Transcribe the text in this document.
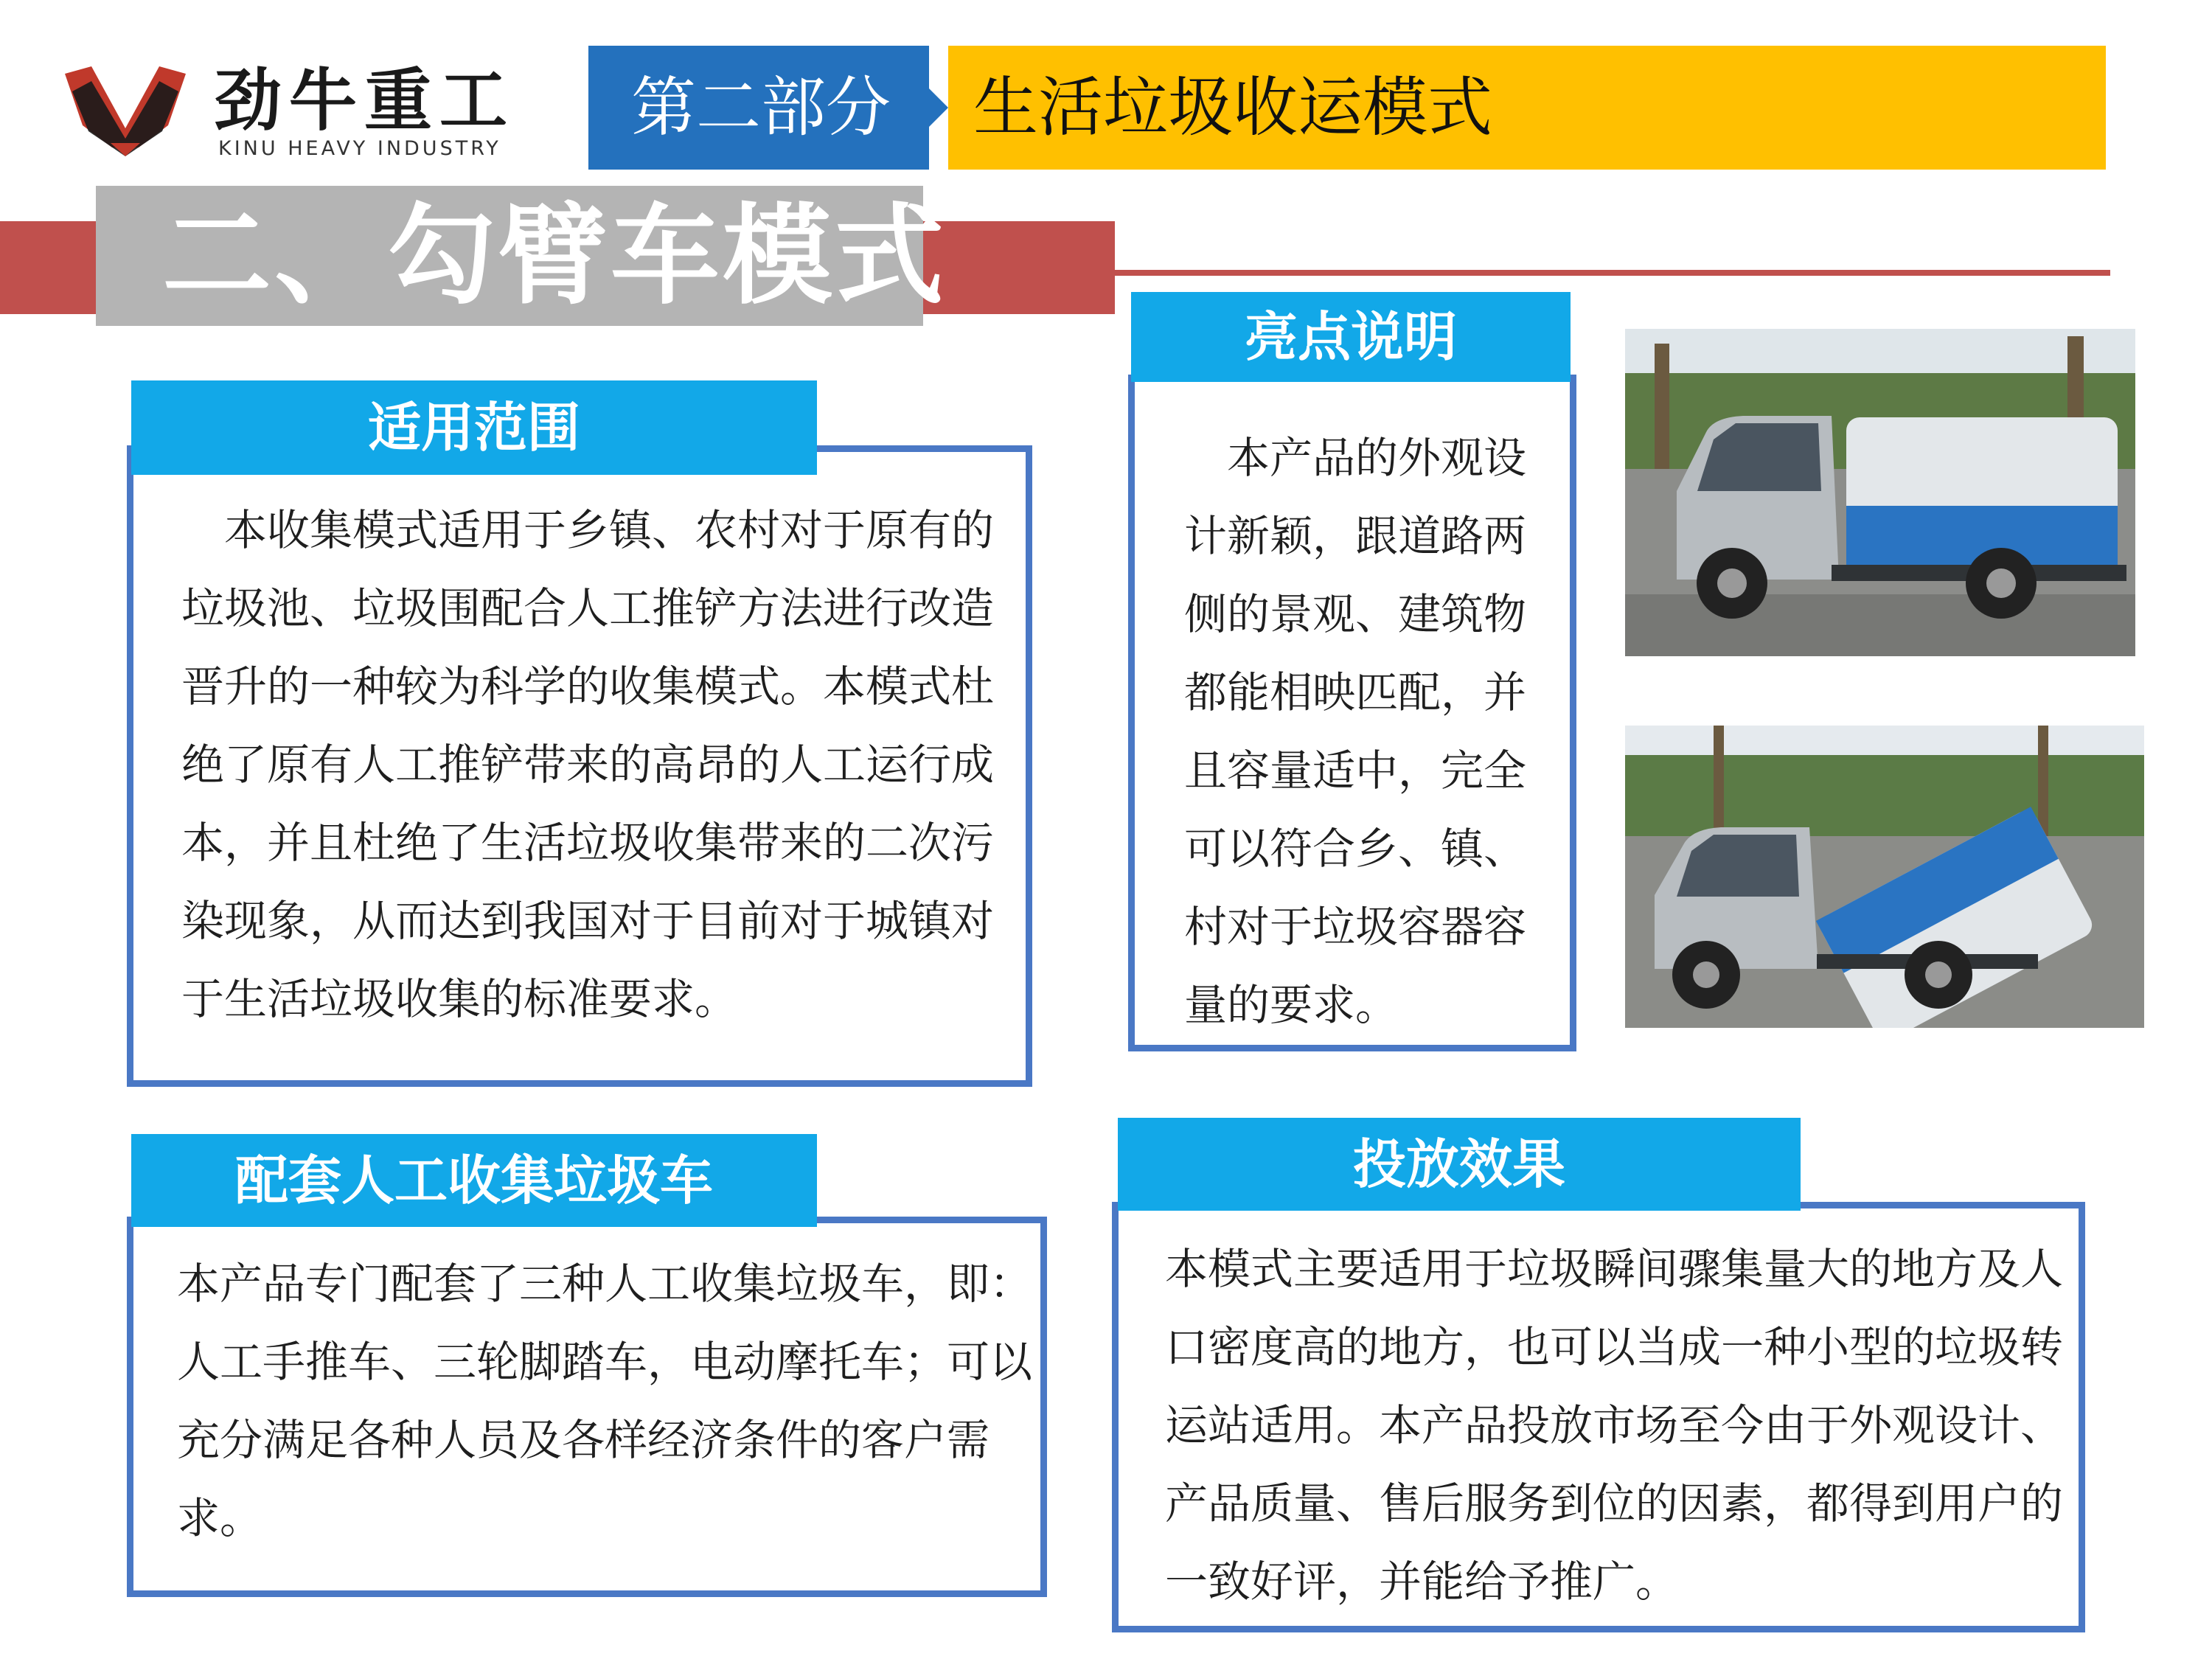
劲牛重工
KINU HEAVY INDUSTRY
第二部分	生活垃圾收运模式
二、勾臂车模式
适用范围
　本收集模式适用于乡镇、农村对于原有的垃圾池、垃圾围配合人工推铲方法进行改造晋升的一种较为科学的收集模式。本模式杜绝了原有人工推铲带来的高昂的人工运行成本，并且杜绝了生活垃圾收集带来的二次污染现象，从而达到我国对于目前对于城镇对于生活垃圾收集的标准要求。
亮点说明
　本产品的外观设计新颖，跟道路两侧的景观、建筑物都能相映匹配，并且容量适中，完全可以符合乡、镇、村对于垃圾容器容量的要求。
配套人工收集垃圾车
本产品专门配套了三种人工收集垃圾车，即：人工手推车、三轮脚踏车，电动摩托车；可以充分满足各种人员及各样经济条件的客户需求。
投放效果
本模式主要适用于垃圾瞬间骤集量大的地方及人口密度高的地方，也可以当成一种小型的垃圾转运站适用。本产品投放市场至今由于外观设计、产品质量、售后服务到位的因素，都得到用户的一致好评，并能给予推广。
